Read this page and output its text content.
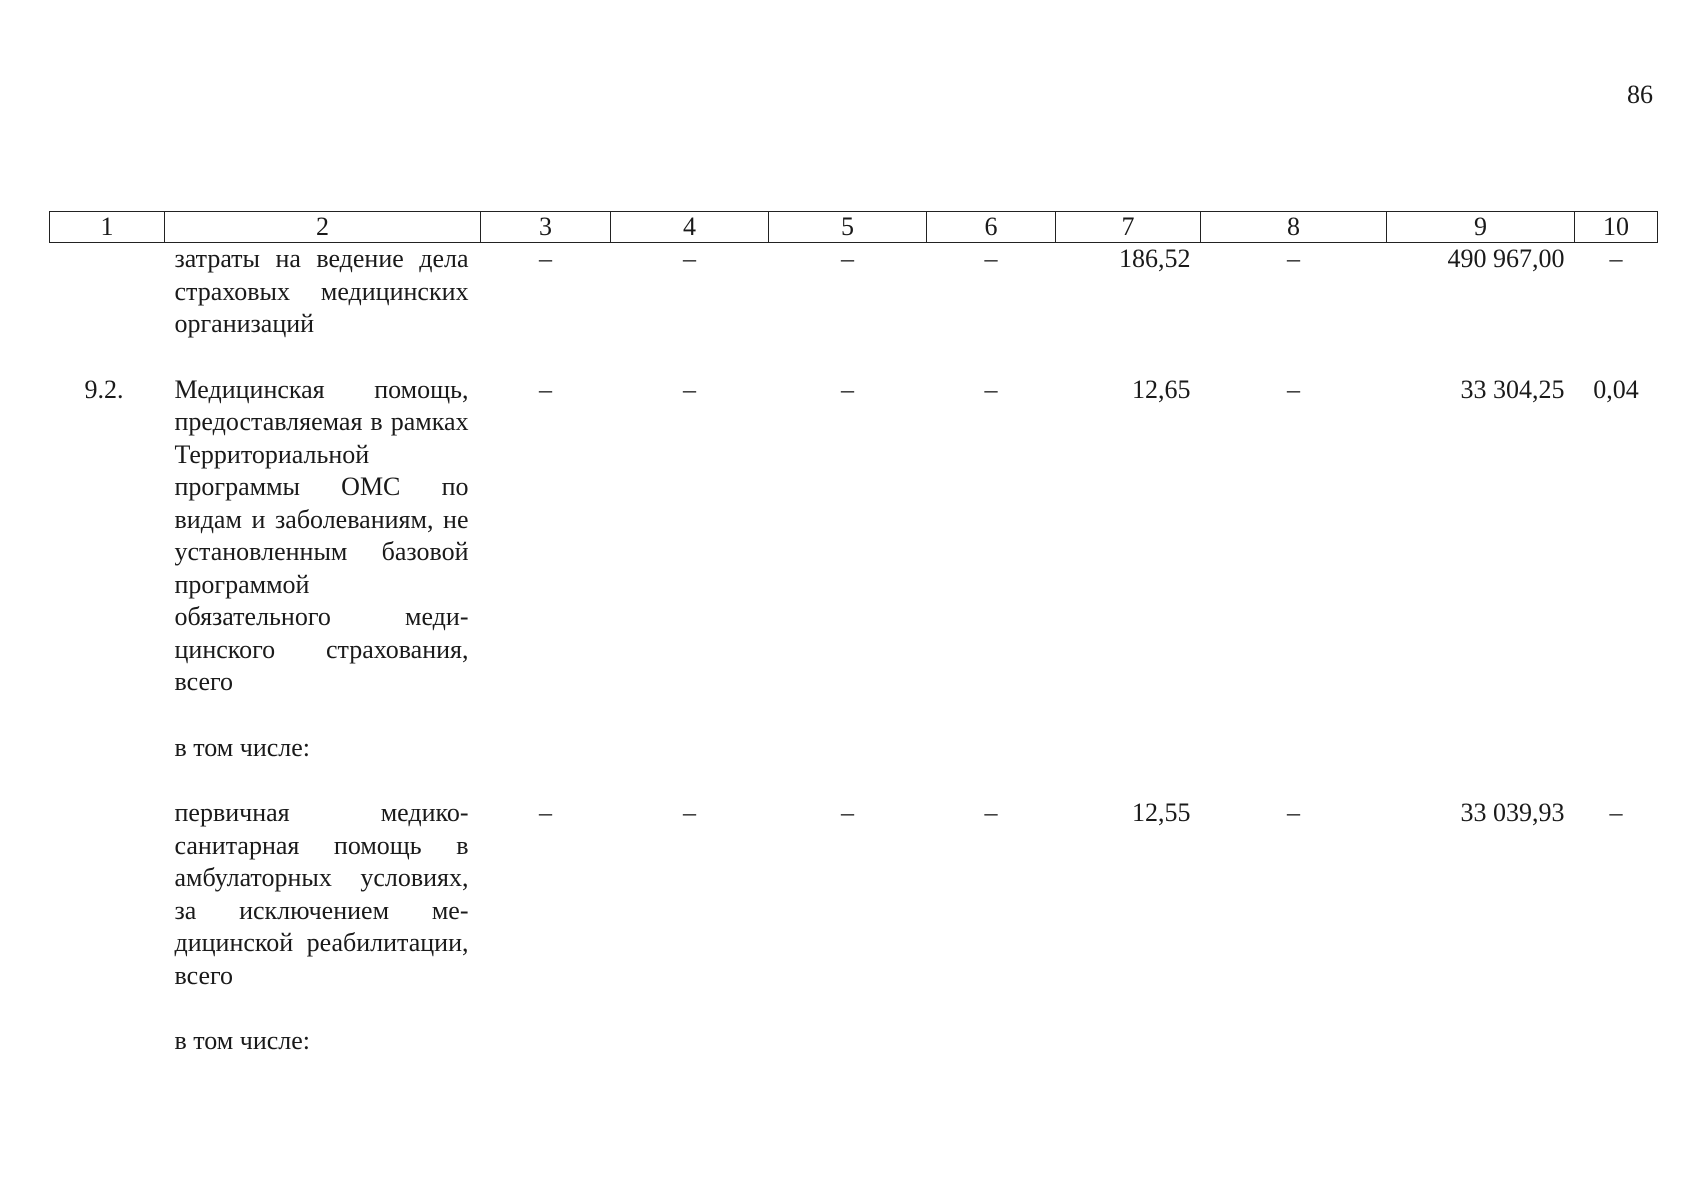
86
1	2	3	4	5	6	7	8	9	10
	затраты на ведение дела страховых медицинских организаций	–	–	–	–	186,52	–	490 967,00	–

9.2.	Медицинская помощь, предоставляемая в рамках Территориальной программы ОМС по видам и заболеваниям, не установленным базовой программой обязательного медицинского страхования, всего	–	–	–	–	12,65	–	33 304,25	0,04

	в том числе:								

	первичная медико-санитарная помощь в амбулаторных условиях, за исключением медицинской реабилитации, всего	–	–	–	–	12,55	–	33 039,93	–

	в том числе:								
